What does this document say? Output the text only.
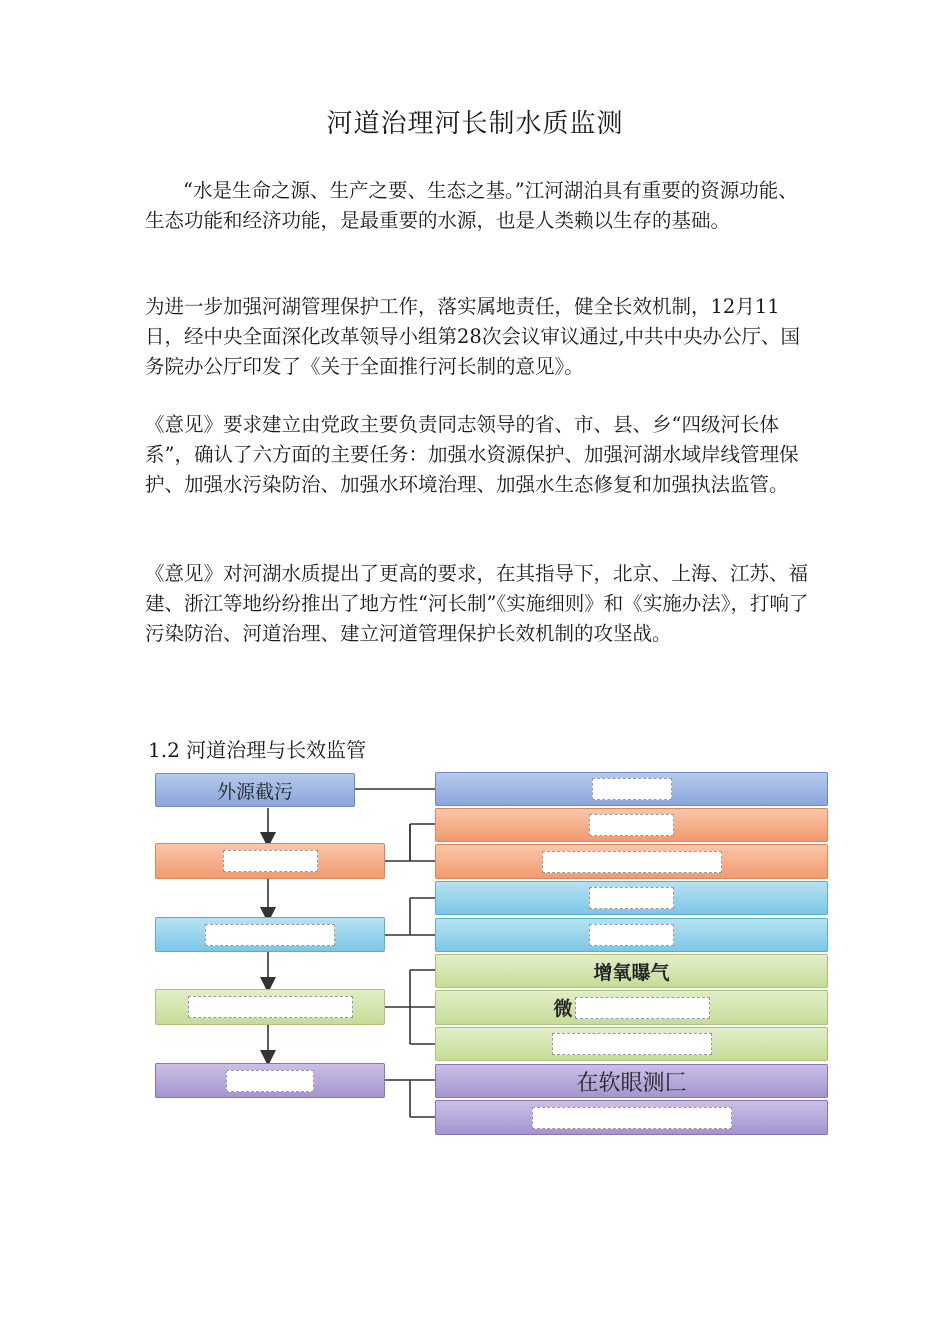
河道治理河长制水质监测

“水是生命之源、生产之要、生态之基。”江河湖泊具有重要的资源功能、生态功能和经济功能，是最重要的水源，也是人类赖以生存的基础。

为进一步加强河湖管理保护工作，落实属地责任，健全长效机制，12月11日，经中央全面深化改革领导小组第28次会议审议通过,中共中央办公厅、国务院办公厅印发了《关于全面推行河长制的意见》。

《意见》要求建立由党政主要负责同志领导的省、市、县、乡“四级河长体系”，确认了六方面的主要任务：加强水资源保护、加强河湖水域岸线管理保护、加强水污染防治、加强水环境治理、加强水生态修复和加强执法监管。

《意见》对河湖水质提出了更高的要求，在其指导下，北京、上海、江苏、福建、浙江等地纷纷推出了地方性“河长制”《实施细则》和《实施办法》，打响了污染防治、河道治理、建立河道管理保护长效机制的攻坚战。

1.2 河道治理与长效监管
外源截污
增氧曝气
微
在软眼测匚
